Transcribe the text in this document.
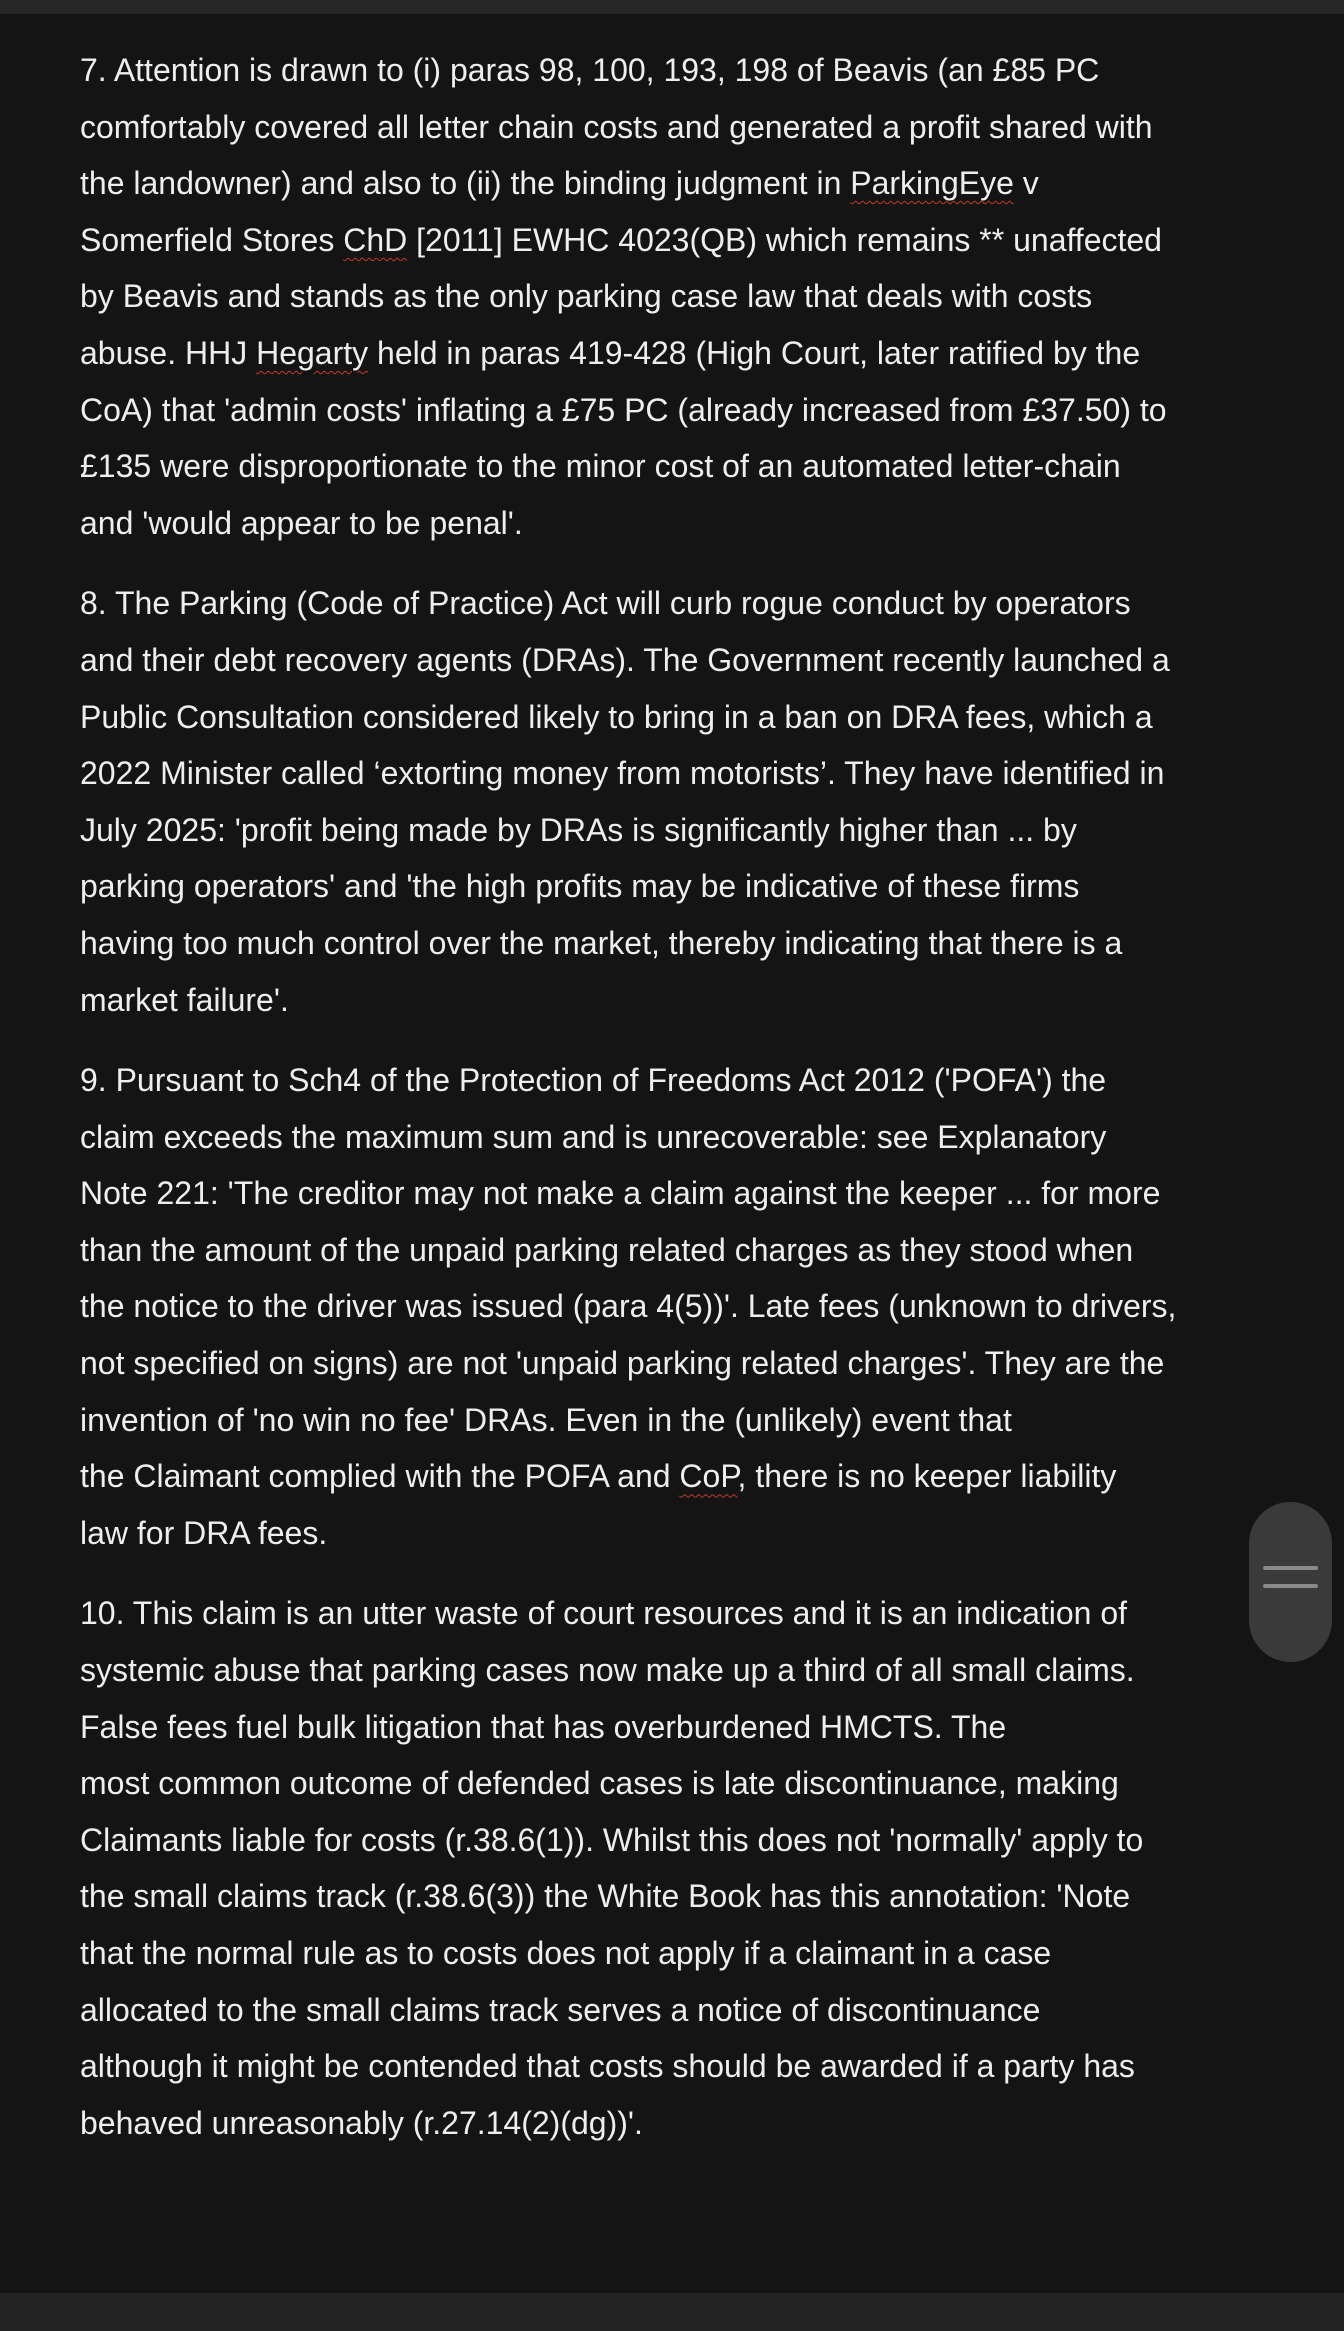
7. Attention is drawn to (i) paras 98, 100, 193, 198 of Beavis (an £85 PC
comfortably covered all letter chain costs and generated a profit shared with
the landowner) and also to (ii) the binding judgment in ParkingEye v
Somerfield Stores ChD [2011] EWHC 4023(QB) which remains ** unaffected
by Beavis and stands as the only parking case law that deals with costs
abuse. HHJ Hegarty held in paras 419-428 (High Court, later ratified by the
CoA) that 'admin costs' inflating a £75 PC (already increased from £37.50) to
£135 were disproportionate to the minor cost of an automated letter-chain
and 'would appear to be penal'.

8. The Parking (Code of Practice) Act will curb rogue conduct by operators
and their debt recovery agents (DRAs). The Government recently launched a
Public Consultation considered likely to bring in a ban on DRA fees, which a
2022 Minister called ‘extorting money from motorists’. They have identified in
July 2025: 'profit being made by DRAs is significantly higher than ... by
parking operators' and 'the high profits may be indicative of these firms
having too much control over the market, thereby indicating that there is a
market failure'.

9. Pursuant to Sch4 of the Protection of Freedoms Act 2012 ('POFA') the
claim exceeds the maximum sum and is unrecoverable: see Explanatory
Note 221: 'The creditor may not make a claim against the keeper ... for more
than the amount of the unpaid parking related charges as they stood when
the notice to the driver was issued (para 4(5))'. Late fees (unknown to drivers,
not specified on signs) are not 'unpaid parking related charges'. They are the
invention of 'no win no fee' DRAs. Even in the (unlikely) event that
the Claimant complied with the POFA and CoP, there is no keeper liability
law for DRA fees.

10. This claim is an utter waste of court resources and it is an indication of
systemic abuse that parking cases now make up a third of all small claims.
False fees fuel bulk litigation that has overburdened HMCTS. The
most common outcome of defended cases is late discontinuance, making
Claimants liable for costs (r.38.6(1)). Whilst this does not 'normally' apply to
the small claims track (r.38.6(3)) the White Book has this annotation: 'Note
that the normal rule as to costs does not apply if a claimant in a case
allocated to the small claims track serves a notice of discontinuance
although it might be contended that costs should be awarded if a party has
behaved unreasonably (r.27.14(2)(dg))'.
